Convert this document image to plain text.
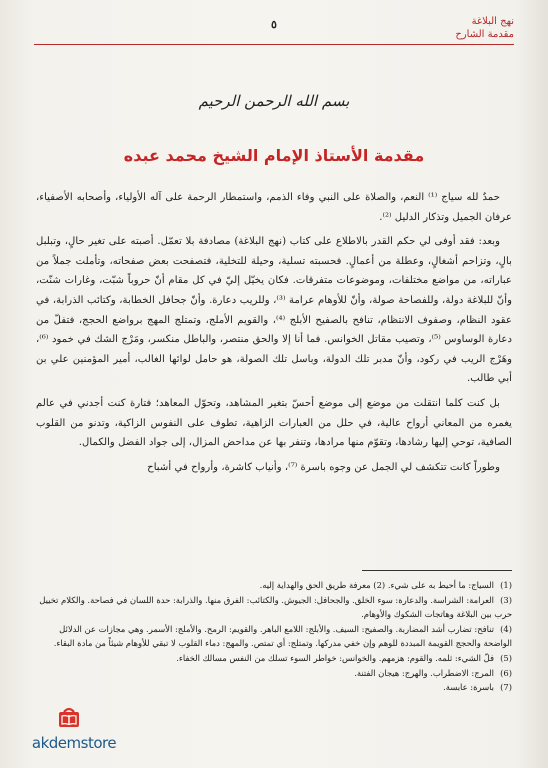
نهج البلاغة
مقدمة الشارح
٥
بسم الله الرحمن الرحيم
مقدمة الأستاذ الإمام الشيخ محمد عبده

حمدٌ لله سياج ⁽¹⁾ النعم، والصلاة على النبي وفاء الذمم، واستمطار الرحمة على آله الأولياء، وأصحابه الأصفياء، عرفان الجميل وتذكار الدليل ⁽²⁾.

وبعد: فقد أوفى لي حكم القدر بالاطلاع على كتاب (نهج البلاغة) مصادفة بلا تعمّل. أصبته على تغير حالٍ، وتبلبل بالٍ، وتزاحم أشغالٍ، وعطلة من أعمالٍ. فحسبته تسلية، وحيلة للتخلية، فتصفحت بعض صفحاته، وتأملت جملاً من عباراته، من مواضع مختلفات، وموضوعات متفرقات. فكان يخيّل إليّ في كل مقام أنّ حروباً شبّت، وغارات شنّت، وأنّ للبلاغة دولة، وللفصاحة صولة، وأنّ للأوهام عرامة ⁽³⁾، وللريب دعارة. وأنّ جحافل الخطابة، وكتائب الذرابة، في عقود النظام، وصفوف الانتظام، تنافح بالصفيح الأبلج ⁽⁴⁾، والقويم الأملج، وتمتلج المهج برواضع الحجج، فتفلّ من دعارة الوساوس ⁽⁵⁾، وتصيب مقاتل الخوانس. فما أنا إلا والحق منتصر، والباطل منكسر، ومَرْج الشك في خمود ⁽⁶⁾، وهَرْج الريب في ركود، وأنّ مدبر تلك الدولة، وباسل تلك الصولة، هو حامل لوائها الغالب، أمير المؤمنين علي بن أبي طالب.

بل كنت كلما انتقلت من موضع إلى موضع أحسّ بتغير المشاهد، وتحوّل المعاهد؛ فتارة كنت أجدني في عالم يغمره من المعاني أرواح عالية، في حلل من العبارات الزاهية، تطوف على النفوس الزاكية، وتدنو من القلوب الصافية، توحي إليها رشادها، وتقوّم منها مرادها، وتنفر بها عن مداحض المزال، إلى جواد الفضل والكمال.

وطوراً كانت تتكشف لي الجمل عن وجوه باسرة ⁽⁷⁾، وأنياب كاشرة، وأرواح في أشباح

(1)السياج: ما أحيط به على شيء. (2) معرفة طريق الحق والهداية إليه.
(3)العرامة: الشراسة. والدعارة: سوء الخلق. والجحافل: الجيوش. والكتائب: الفرق منها. والذرابة: حدة اللسان في فصاحة. والكلام تخييل حرب بين البلاغة وهاتجات الشكوك والأوهام.
(4)تنافح: تضارب أشد المضاربة. والصفيح: السيف. والأبلج: اللامع الباهر. والقويم: الرمح. والأملج: الأسمر. وهي مجازات عن الدلائل الواضحة والحجج القويمة المبددة للوهم وإن خفي مدركها. وتمتلج: أي تمتص. والمهج: دماء القلوب لا تبقي للأوهام شيئاً من مادة البقاء.
(5)فلّ الشيء: ثلمه. والقوم: هزمهم. والخوانس: خواطر السوء تسلك من النفس مسالك الخفاء.
(6)المرج: الاضطراب. والهرج: هيجان الفتنة.
(7)باسرة: عابسة.
akdemstore
